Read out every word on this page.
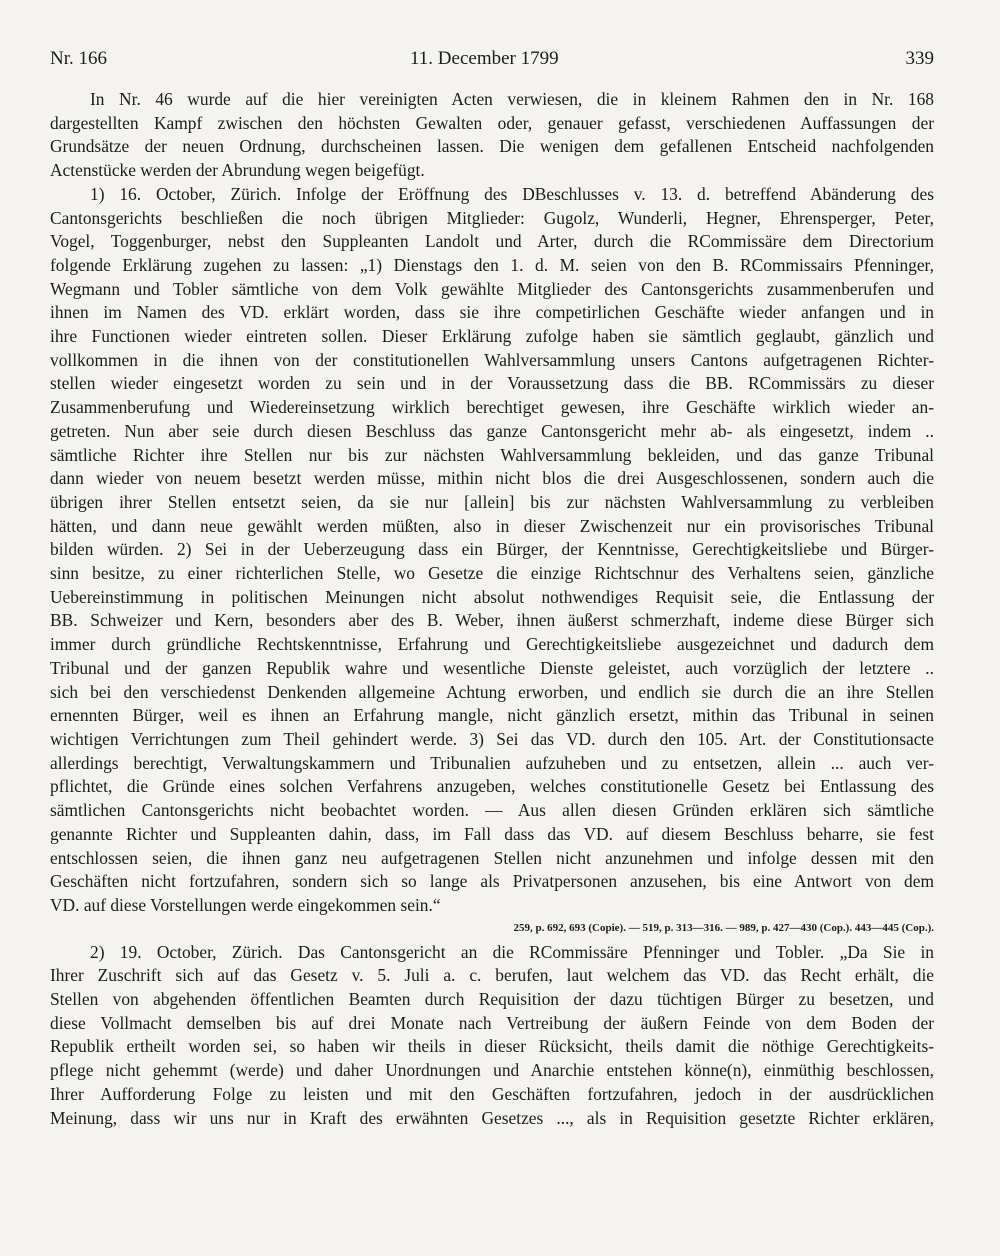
Nr. 166	11. December 1799	339
In Nr. 46 wurde auf die hier vereinigten Acten verwiesen, die in kleinem Rahmen den in Nr. 168
dargestellten Kampf zwischen den höchsten Gewalten oder, genauer gefasst, verschiedenen Auffassungen der
Grundsätze der neuen Ordnung, durchscheinen lassen. Die wenigen dem gefallenen Entscheid nachfolgenden
Actenstücke werden der Abrundung wegen beigefügt.
1) 16. October, Zürich. Infolge der Eröffnung des DBeschlusses v. 13. d. betreffend Abänderung des
Cantonsgerichts beschließen die noch übrigen Mitglieder: Gugolz, Wunderli, Hegner, Ehrensperger, Peter,
Vogel, Toggenburger, nebst den Suppleanten Landolt und Arter, durch die RCommissäre dem Directorium
folgende Erklärung zugehen zu lassen: „1) Dienstags den 1. d. M. seien von den B. RCommissairs Pfenninger,
Wegmann und Tobler sämtliche von dem Volk gewählte Mitglieder des Cantonsgerichts zusammenberufen und
ihnen im Namen des VD. erklärt worden, dass sie ihre competirlichen Geschäfte wieder anfangen und in
ihre Functionen wieder eintreten sollen. Dieser Erklärung zufolge haben sie sämtlich geglaubt, gänzlich und
vollkommen in die ihnen von der constitutionellen Wahlversammlung unsers Cantons aufgetragenen Richter-
stellen wieder eingesetzt worden zu sein und in der Voraussetzung dass die BB. RCommissärs zu dieser
Zusammenberufung und Wiedereinsetzung wirklich berechtiget gewesen, ihre Geschäfte wirklich wieder an-
getreten. Nun aber seie durch diesen Beschluss das ganze Cantonsgericht mehr ab- als eingesetzt, indem ..
sämtliche Richter ihre Stellen nur bis zur nächsten Wahlversammlung bekleiden, und das ganze Tribunal
dann wieder von neuem besetzt werden müsse, mithin nicht blos die drei Ausgeschlossenen, sondern auch die
übrigen ihrer Stellen entsetzt seien, da sie nur [allein] bis zur nächsten Wahlversammlung zu verbleiben
hätten, und dann neue gewählt werden müßten, also in dieser Zwischenzeit nur ein provisorisches Tribunal
bilden würden. 2) Sei in der Ueberzeugung dass ein Bürger, der Kenntnisse, Gerechtigkeitsliebe und Bürger-
sinn besitze, zu einer richterlichen Stelle, wo Gesetze die einzige Richtschnur des Verhaltens seien, gänzliche
Uebereinstimmung in politischen Meinungen nicht absolut nothwendiges Requisit seie, die Entlassung der
BB. Schweizer und Kern, besonders aber des B. Weber, ihnen äußerst schmerzhaft, indeme diese Bürger sich
immer durch gründliche Rechtskenntnisse, Erfahrung und Gerechtigkeitsliebe ausgezeichnet und dadurch dem
Tribunal und der ganzen Republik wahre und wesentliche Dienste geleistet, auch vorzüglich der letztere ..
sich bei den verschiedenst Denkenden allgemeine Achtung erworben, und endlich sie durch die an ihre Stellen
ernennten Bürger, weil es ihnen an Erfahrung mangle, nicht gänzlich ersetzt, mithin das Tribunal in seinen
wichtigen Verrichtungen zum Theil gehindert werde. 3) Sei das VD. durch den 105. Art. der Constitutionsacte
allerdings berechtigt, Verwaltungskammern und Tribunalien aufzuheben und zu entsetzen, allein ... auch ver-
pflichtet, die Gründe eines solchen Verfahrens anzugeben, welches constitutionelle Gesetz bei Entlassung des
sämtlichen Cantonsgerichts nicht beobachtet worden. — Aus allen diesen Gründen erklären sich sämtliche
genannte Richter und Suppleanten dahin, dass, im Fall dass das VD. auf diesem Beschluss beharre, sie fest
entschlossen seien, die ihnen ganz neu aufgetragenen Stellen nicht anzunehmen und infolge dessen mit den
Geschäften nicht fortzufahren, sondern sich so lange als Privatpersonen anzusehen, bis eine Antwort von dem
VD. auf diese Vorstellungen werde eingekommen sein.“
259, p. 692, 693 (Copie). — 519, p. 313—316. — 989, p. 427—430 (Cop.). 443—445 (Cop.).
2) 19. October, Zürich. Das Cantonsgericht an die RCommissäre Pfenninger und Tobler. „Da Sie in
Ihrer Zuschrift sich auf das Gesetz v. 5. Juli a. c. berufen, laut welchem das VD. das Recht erhält, die
Stellen von abgehenden öffentlichen Beamten durch Requisition der dazu tüchtigen Bürger zu besetzen, und
diese Vollmacht demselben bis auf drei Monate nach Vertreibung der äußern Feinde von dem Boden der
Republik ertheilt worden sei, so haben wir theils in dieser Rücksicht, theils damit die nöthige Gerechtigkeits-
pflege nicht gehemmt (werde) und daher Unordnungen und Anarchie entstehen könne(n), einmüthig beschlossen,
Ihrer Aufforderung Folge zu leisten und mit den Geschäften fortzufahren, jedoch in der ausdrücklichen
Meinung, dass wir uns nur in Kraft des erwähnten Gesetzes ..., als in Requisition gesetzte Richter erklären,
